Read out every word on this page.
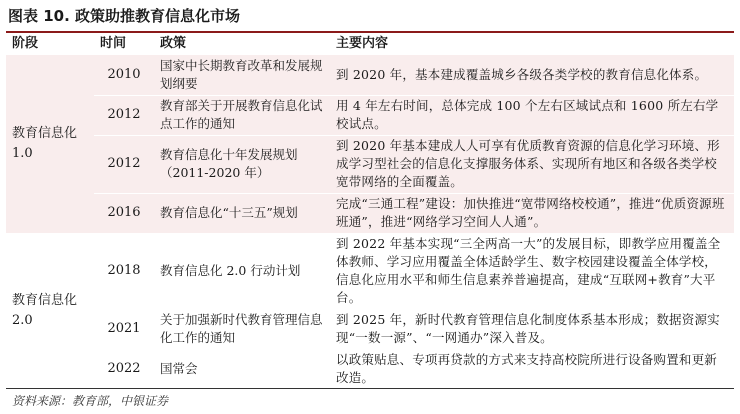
图表 10. 政策助推教育信息化市场
阶段	时间	政策	主要内容
教育信息化 1.0	2010	国家中长期教育改革和发展规划纲要	到 2020 年，基本建成覆盖城乡各级各类学校的教育信息化体系。
	2012	教育部关于开展教育信息化试点工作的通知	用 4 年左右时间，总体完成 100 个左右区域试点和 1600 所左右学校试点。
	2012	教育信息化十年发展规划（2011-2020 年）	到 2020 年基本建成人人可享有优质教育资源的信息化学习环境、形成学习型社会的信息化支撑服务体系、实现所有地区和各级各类学校宽带网络的全面覆盖。
	2016	教育信息化“十三五”规划	完成“三通工程”建设：加快推进“宽带网络校校通”，推进“优质资源班班通”，推进“网络学习空间人人通”。
教育信息化 2.0	2018	教育信息化 2.0 行动计划	到 2022 年基本实现“三全两高一大”的发展目标，即教学应用覆盖全体教师、学习应用覆盖全体适龄学生、数字校园建设覆盖全体学校，信息化应用水平和师生信息素养普遍提高，建成“互联网+教育”大平台。
	2021	关于加强新时代教育管理信息化工作的通知	到 2025 年，新时代教育管理信息化制度体系基本形成；数据资源实现“一数一源”、“一网通办”深入普及。
	2022	国常会	以政策贴息、专项再贷款的方式来支持高校院所进行设备购置和更新改造。
资料来源：教育部，中银证券
